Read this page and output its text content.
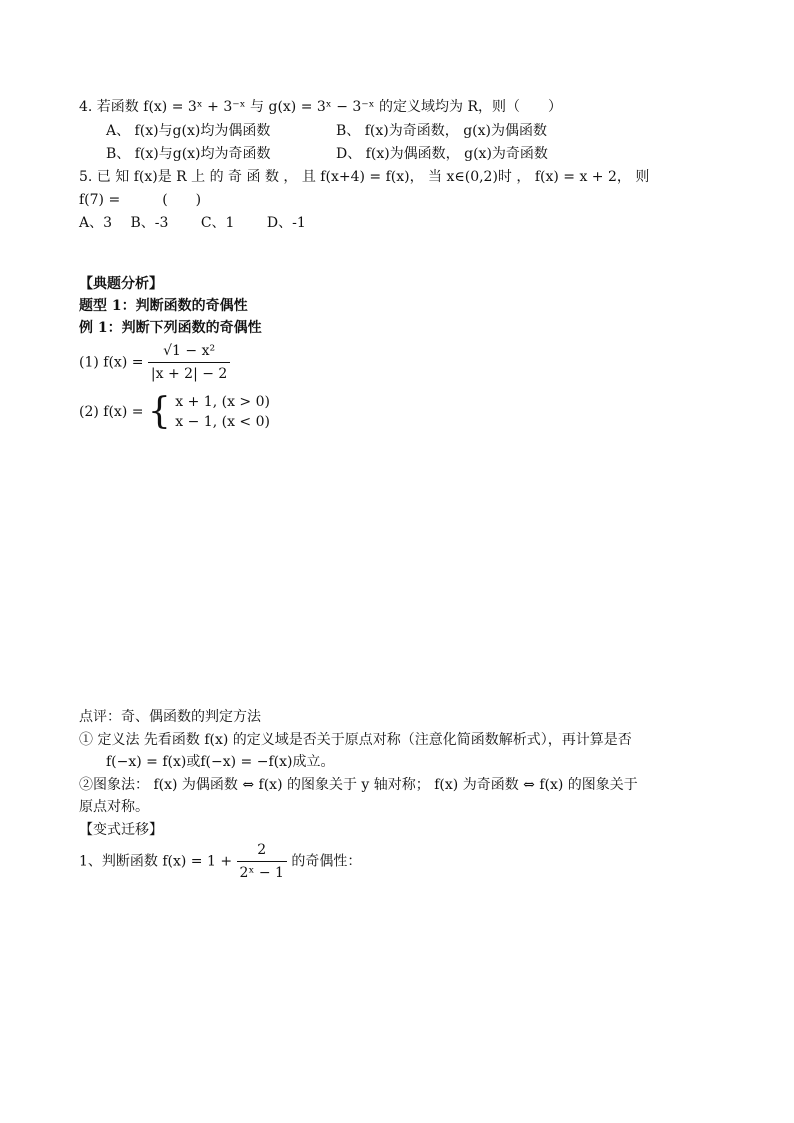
4. 若函数 f(x) = 3ˣ + 3⁻ˣ 与 g(x) = 3ˣ − 3⁻ˣ 的定义域均为 R，则（　　）
A、 f(x)与g(x)均为偶函数	B、 f(x)为奇函数， g(x)为偶函数
B、 f(x)与g(x)均为奇函数	D、 f(x)为偶函数， g(x)为奇函数
5. 已 知 f(x)是 R 上 的 奇 函 数 ， 且 f(x+4) = f(x)， 当 x∈(0,2)时 ， f(x) = x + 2， 则
f(7) =　　　(　　)
A、3　 B、-3　　 C、1　　 D、-1
【典题分析】
题型 1：判断函数的奇偶性
例 1：判断下列函数的奇偶性
(1) $f(x) = \frac{\text{√1 − x²}}{|x + 2| - 2}$
(2) f(x) = { x + 1, (x > 0)
x − 1, (x < 0)
点评：奇、偶函数的判定方法
① 定义法 先看函数 f(x) 的定义域是否关于原点对称（注意化简函数解析式），再计算是否
f(−x) = f(x)或f(−x) = −f(x)成立。
②图象法： f(x) 为偶函数 ⇔ f(x) 的图象关于 y 轴对称； f(x) 为奇函数 ⇔ f(x) 的图象关于
原点对称。
【变式迁移】
1、判断函数 $f(x) = 1 + \frac{2}{\text{2ˣ − 1}}$ 的奇偶性：
